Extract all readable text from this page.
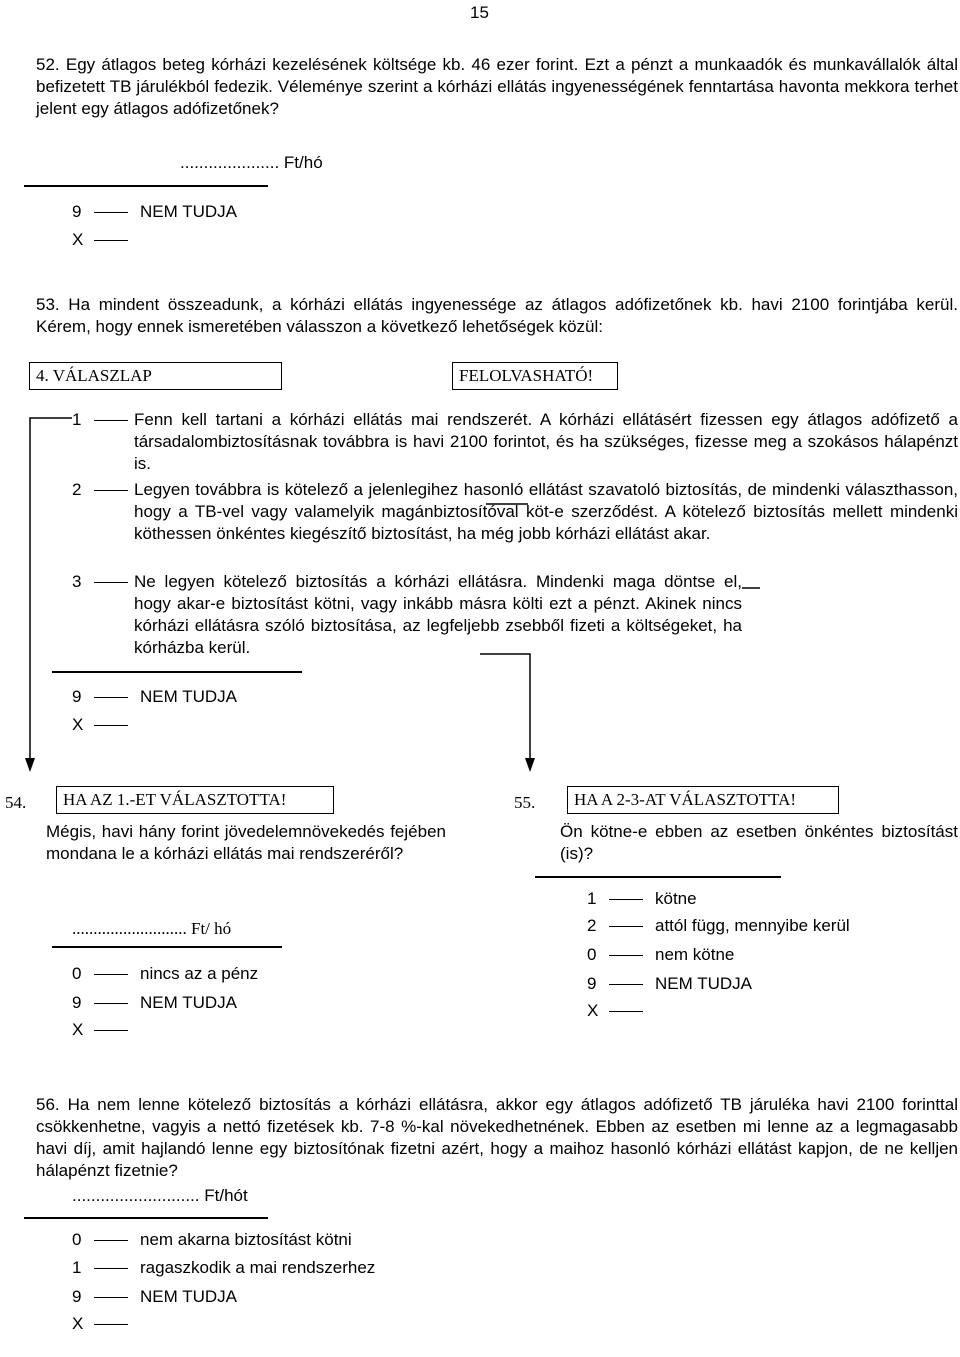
15
52. Egy átlagos beteg kórházi kezelésének költsége kb. 46 ezer forint. Ezt a pénzt a munkaadók és munkavállalók által befizetett TB járulékból fedezik. Véleménye szerint a kórházi ellátás ingyenességének fenntartása havonta mekkora terhet jelent egy átlagos adófizetőnek?
..................... Ft/hó
9	NEM TUDJA
X
53. Ha mindent összeadunk, a kórházi ellátás ingyenessége az átlagos adófizetőnek kb. havi 2100 forintjába kerül. Kérem, hogy ennek ismeretében válasszon a következő lehetőségek közül:
4. VÁLASZLAP	FELOLVASHATÓ!
1	Fenn kell tartani a kórházi ellátás mai rendszerét. A kórházi ellátásért fizessen egy átlagos adófizető a társadalombiztosításnak továbbra is havi 2100 forintot, és ha szükséges, fizesse meg a szokásos hálapénzt is.
2	Legyen továbbra is kötelező a jelenlegihez hasonló ellátást szavatoló biztosítás, de mindenki választhasson, hogy a TB-vel vagy valamelyik magánbiztosítóval köt-e szerződést. A kötelező biztosítás mellett mindenki köthessen önkéntes kiegészítő biztosítást, ha még jobb kórházi ellátást akar.
3	Ne legyen kötelező biztosítás a kórházi ellátásra. Mindenki maga döntse el, hogy akar-e biztosítást kötni, vagy inkább másra költi ezt a pénzt. Akinek nincs kórházi ellátásra szóló biztosítása, az legfeljebb zsebből fizeti a költségeket, ha kórházba kerül.
9	NEM TUDJA
X
54.	HA AZ 1.-ET VÁLASZTOTTA!
Mégis, havi hány forint jövedelemnövekedés fejében mondana le a kórházi ellátás mai rendszeréről?
........................... Ft/ hó
0	nincs az a pénz
9	NEM TUDJA
X
55.	HA A 2-3-AT VÁLASZTOTTA!
Ön kötne-e ebben az esetben önkéntes biztosítást (is)?
1	kötne
2	attól függ, mennyibe kerül
0	nem kötne
9	NEM TUDJA
X
56. Ha nem lenne kötelező biztosítás a kórházi ellátásra, akkor egy átlagos adófizető TB járuléka havi 2100 forinttal csökkenhetne, vagyis a nettó fizetések kb. 7-8 %-kal növekedhetnének. Ebben az esetben mi lenne az a legmagasabb havi díj, amit hajlandó lenne egy biztosítónak fizetni azért, hogy a maihoz hasonló kórházi ellátást kapjon, de ne kelljen hálapénzt fizetnie?
........................... Ft/hót
0	nem akarna biztosítást kötni
1	ragaszkodik a mai rendszerhez
9	NEM TUDJA
X
